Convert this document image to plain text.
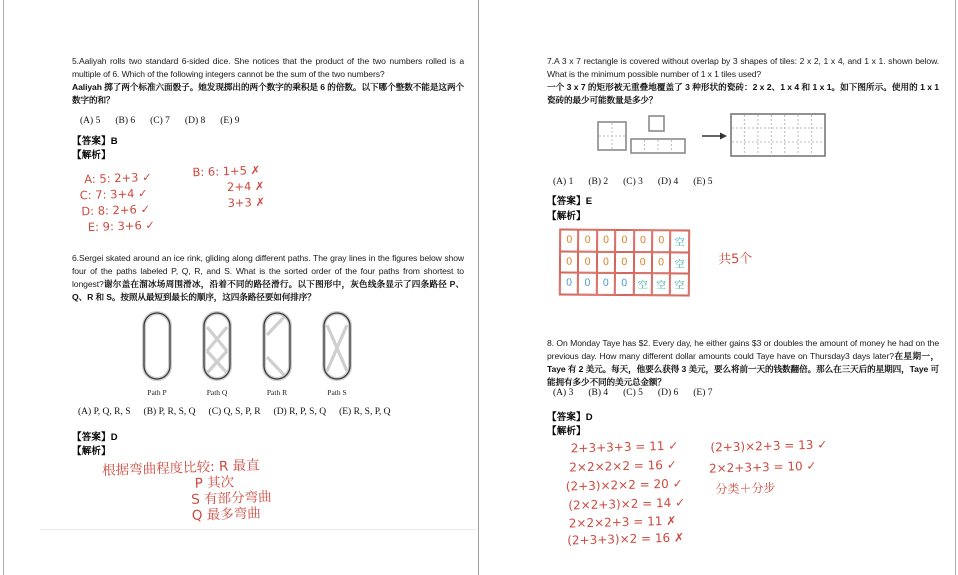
5.Aaliyah rolls two standard 6-sided dice. She notices that the product of the two numbers rolled is a multiple of 6. Which of the following integers cannot be the sum of the two numbers?
Aaliyah 掷了两个标准六面骰子。她发现掷出的两个数字的乘积是 6 的倍数。以下哪个整数不能是这两个数字的和？
(A) 5 (B) 6 (C) 7 (D) 8 (E) 9
【答案】B
【解析】
A: 5: 2+3 ✓
C: 7: 3+4 ✓
D: 8: 2+6 ✓
E: 9: 3+6 ✓
B: 6: 1+5 ✗
2+4 ✗
3+3 ✗
6.Sergei skated around an ice rink, gliding along different paths. The gray lines in the figures below show four of the paths labeled P, Q, R, and S. What is the sorted order of the four paths from shortest to longest?谢尔盖在溜冰场周围滑冰，沿着不同的路径滑行。以下图形中，灰色线条显示了四条路径 P、Q、R 和 S。按照从最短到最长的顺序，这四条路径要如何排序？
Path P	Path Q	Path R	Path S
(A) P, Q, R, S (B) P, R, S, Q (C) Q, S, P, R (D) R, P, S, Q (E) R, S, P, Q
【答案】D
【解析】
根据弯曲程度比较: R 最直
P 其次
S 有部分弯曲
Q 最多弯曲
7.A 3 x 7 rectangle is covered without overlap by 3 shapes of tiles: 2 x 2, 1 x 4, and 1 x 1. shown below. What is the minimum possible number of 1 x 1 tiles used?
一个 3 x 7 的矩形被无重叠地覆盖了 3 种形状的瓷砖：2 x 2、1 x 4 和 1 x 1。如下图所示。使用的 1 x 1 瓷砖的最少可能数量是多少？
(A) 1 (B) 2 (C) 3 (D) 4 (E) 5
【答案】E
【解析】
0	0	0	0	0	0	空
0	0	0	0	0	0	空
0	0	0	0	空 空 空
共5个
8. On Monday Taye has $2. Every day, he either gains $3 or doubles the amount of money he had on the previous day. How many different dollar amounts could Taye have on Thursday3 days later?在星期一，Taye 有 2 美元。每天，他要么获得 3 美元，要么将前一天的钱数翻倍。那么在三天后的星期四，Taye 可能拥有多少不同的美元总金额？
(A) 3 (B) 4 (C) 5 (D) 6 (E) 7
【答案】D
【解析】
2+3+3+3 = 11 ✓
2×2×2×2 = 16 ✓
(2+3)×2×2 = 20 ✓
(2×2+3)×2 = 14 ✓
2×2×2+3 = 11 ✗
(2+3+3)×2 = 16 ✗
(2+3)×2+3 = 13 ✓
2×2+3+3 = 10 ✓
分类＋分步
